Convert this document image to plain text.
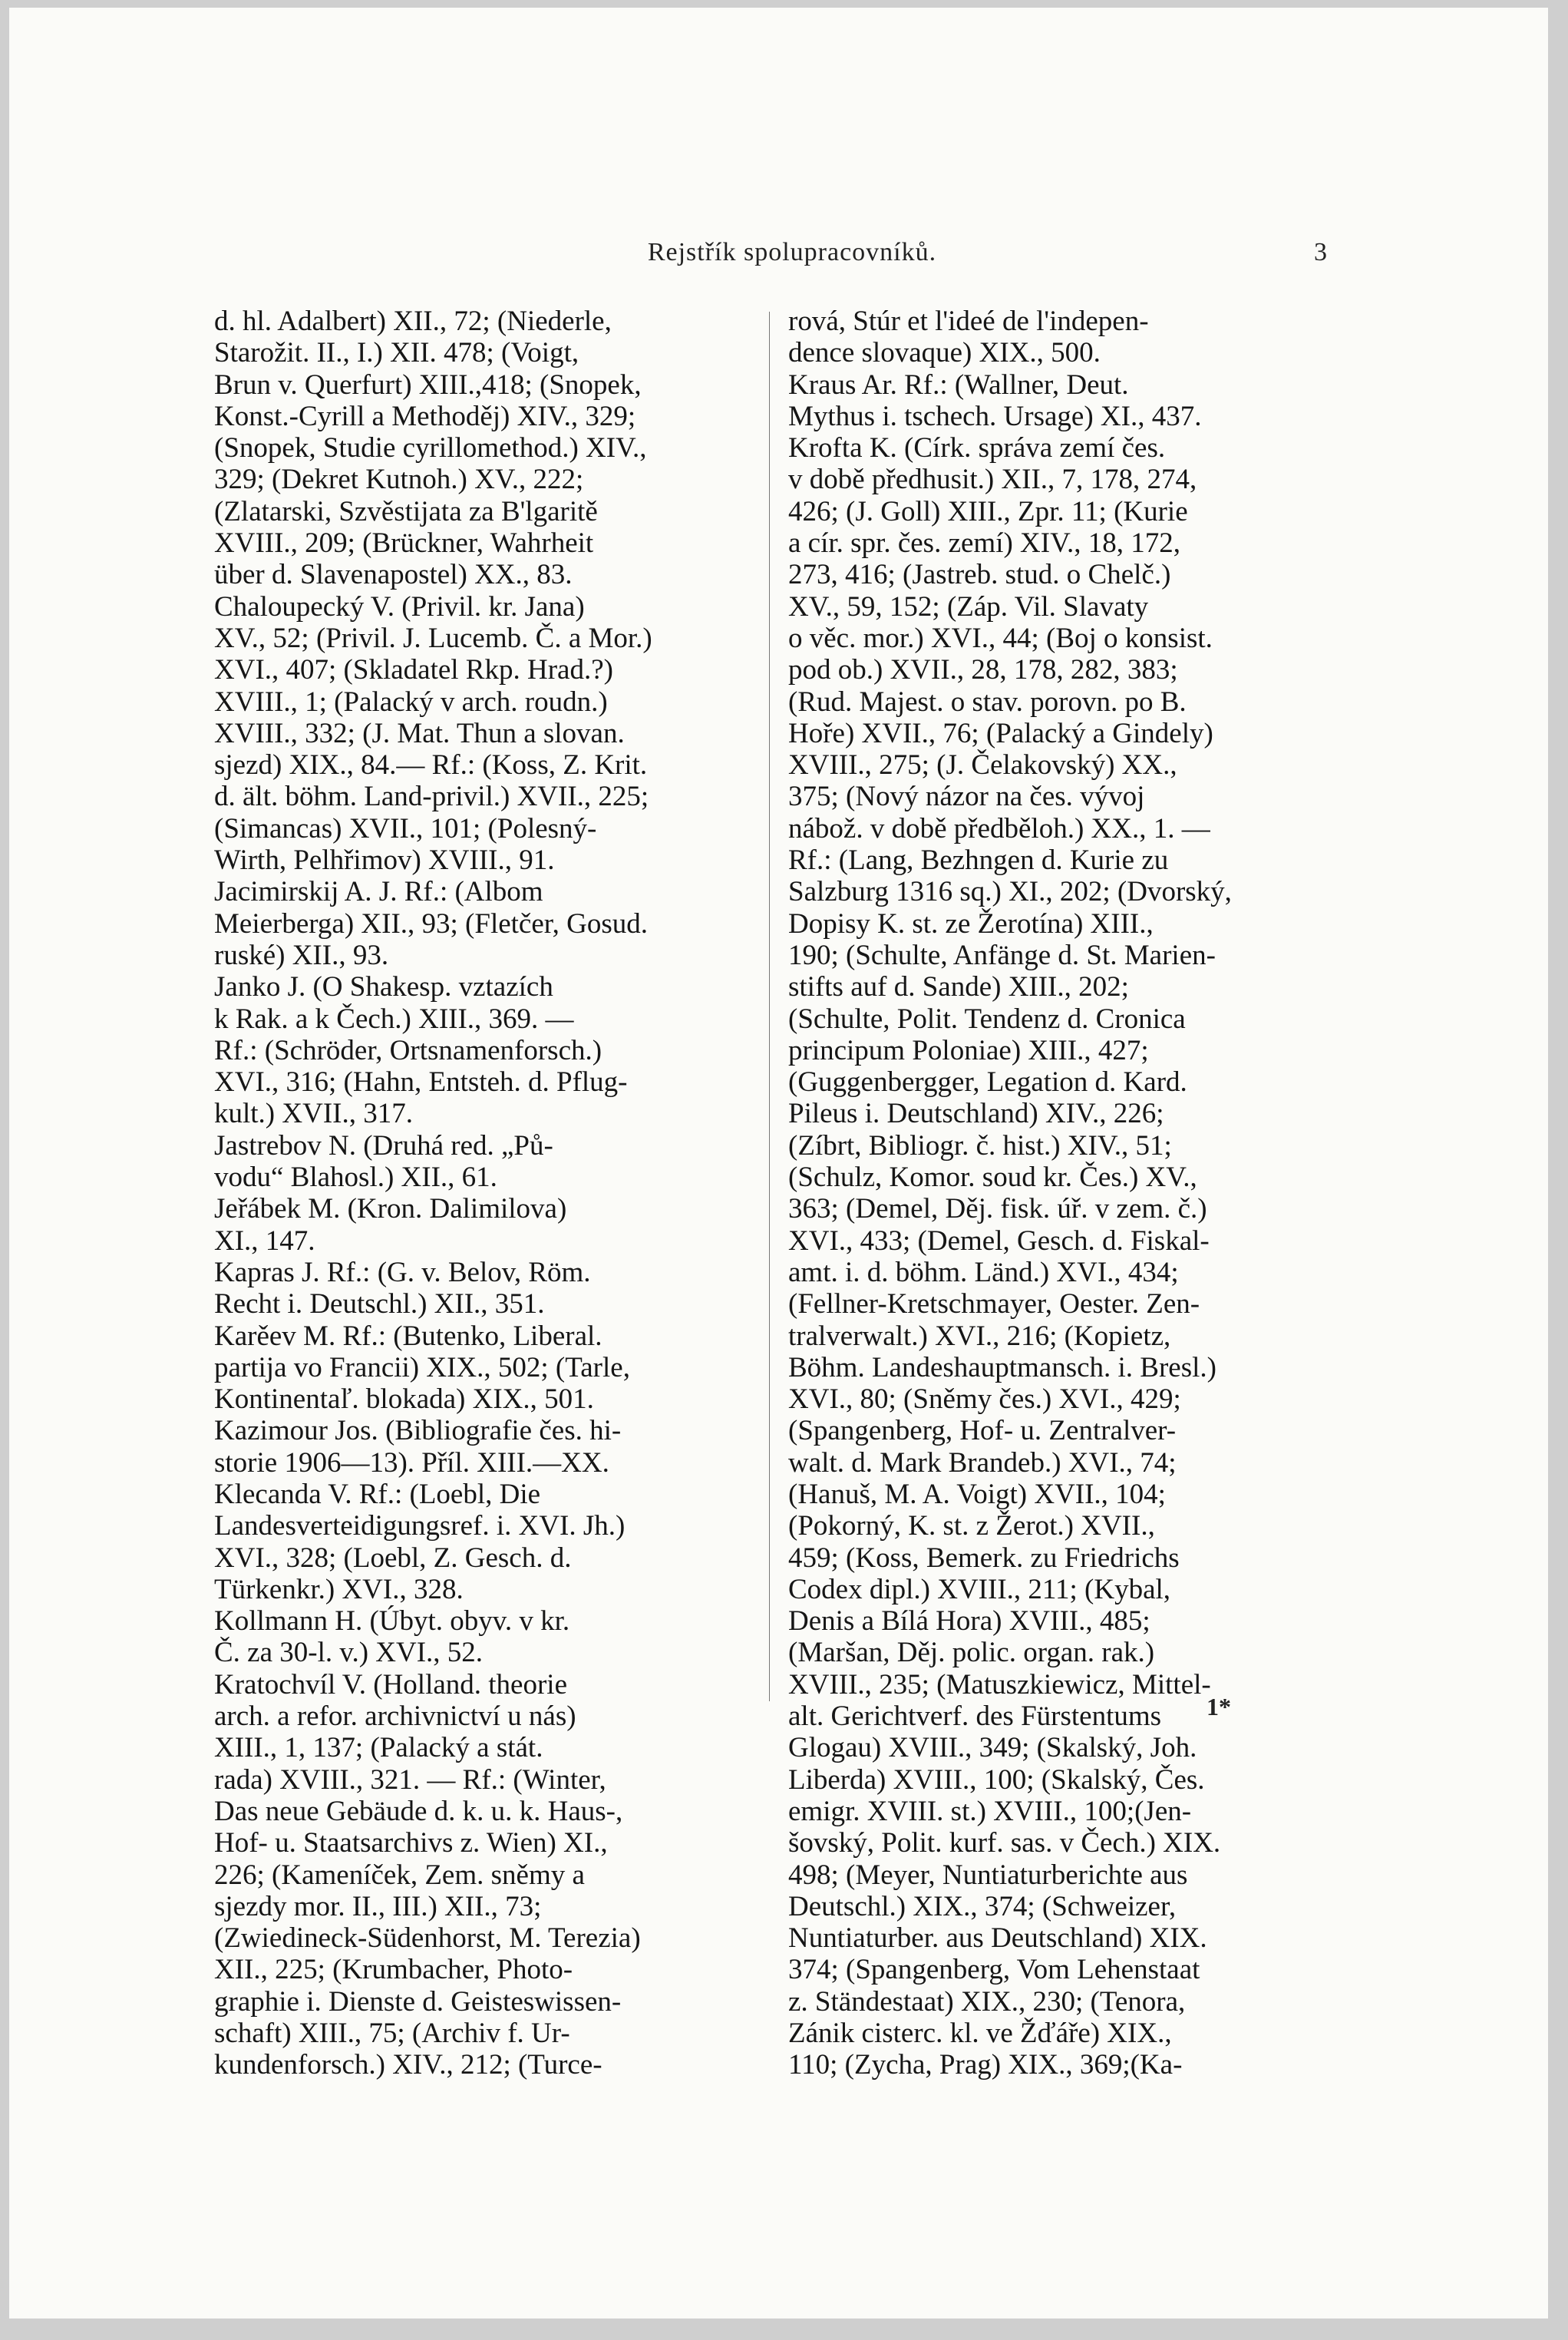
Rejstřík spolupracovníků.	3
d. hl. Adalbert) XII., 72; (Niederle,
Starožit. II., I.) XII. 478; (Voigt,
Brun v. Querfurt) XIII.,418; (Snopek,
Konst.-Cyrill a Methoděj) XIV., 329;
(Snopek, Studie cyrillomethod.) XIV.,
329; (Dekret Kutnoh.) XV., 222;
(Zlatarski, Szvěstijata za B'lgaritě
XVIII., 209; (Brückner, Wahrheit
über d. Slavenapostel) XX., 83.
Chaloupecký V. (Privil. kr. Jana)
XV., 52; (Privil. J. Lucemb. Č. a Mor.)
XVI., 407; (Skladatel Rkp. Hrad.?)
XVIII., 1; (Palacký v arch. roudn.)
XVIII., 332; (J. Mat. Thun a slovan.
sjezd) XIX., 84.— Rf.: (Koss, Z. Krit.
d. ält. böhm. Land-privil.) XVII., 225;
(Simancas) XVII., 101; (Polesný-
Wirth, Pelhřimov) XVIII., 91.
Jacimirskij A. J. Rf.: (Albom
Meierberga) XII., 93; (Fletčer, Gosud.
ruské) XII., 93.
Janko J. (O Shakesp. vztazích
k Rak. a k Čech.) XIII., 369. —
Rf.: (Schröder, Ortsnamenforsch.)
XVI., 316; (Hahn, Entsteh. d. Pflug-
kult.) XVII., 317.
Jastrebov N. (Druhá red. „Pů-
vodu“ Blahosl.) XII., 61.
Jeřábek M. (Kron. Dalimilova)
XI., 147.
Kapras J. Rf.: (G. v. Belov, Röm.
Recht i. Deutschl.) XII., 351.
Karěev M. Rf.: (Butenko, Liberal.
partija vo Francii) XIX., 502; (Tarle,
Kontinentaľ. blokada) XIX., 501.
Kazimour Jos. (Bibliografie čes. hi-
storie 1906—13). Příl. XIII.—XX.
Klecanda V. Rf.: (Loebl, Die
Landesverteidigungsref. i. XVI. Jh.)
XVI., 328; (Loebl, Z. Gesch. d.
Türkenkr.) XVI., 328.
Kollmann H. (Úbyt. obyv. v kr.
Č. za 30-l. v.) XVI., 52.
Kratochvíl V. (Holland. theorie
arch. a refor. archivnictví u nás)
XIII., 1, 137; (Palacký a stát.
rada) XVIII., 321. — Rf.: (Winter,
Das neue Gebäude d. k. u. k. Haus-,
Hof- u. Staatsarchivs z. Wien) XI.,
226; (Kameníček, Zem. sněmy a
sjezdy mor. II., III.) XII., 73;
(Zwiedineck-Südenhorst, M. Terezia)
XII., 225; (Krumbacher, Photo-
graphie i. Dienste d. Geisteswissen-
schaft) XIII., 75; (Archiv f. Ur-
kundenforsch.) XIV., 212; (Turce-
rová, Stúr et l'ideé de l'indepen-
dence slovaque) XIX., 500.
Kraus Ar. Rf.: (Wallner, Deut.
Mythus i. tschech. Ursage) XI., 437.
Krofta K. (Círk. správa zemí čes.
v době předhusit.) XII., 7, 178, 274,
426; (J. Goll) XIII., Zpr. 11; (Kurie
a cír. spr. čes. zemí) XIV., 18, 172,
273, 416; (Jastreb. stud. o Chelč.)
XV., 59, 152; (Záp. Vil. Slavaty
o věc. mor.) XVI., 44; (Boj o konsist.
pod ob.) XVII., 28, 178, 282, 383;
(Rud. Majest. o stav. porovn. po B.
Hoře) XVII., 76; (Palacký a Gindely)
XVIII., 275; (J. Čelakovský) XX.,
375; (Nový názor na čes. vývoj
nábož. v době předběloh.) XX., 1. —
Rf.: (Lang, Bezhngen d. Kurie zu
Salzburg 1316 sq.) XI., 202; (Dvorský,
Dopisy K. st. ze Žerotína) XIII.,
190; (Schulte, Anfänge d. St. Marien-
stifts auf d. Sande) XIII., 202;
(Schulte, Polit. Tendenz d. Cronica
principum Poloniae) XIII., 427;
(Guggenbergger, Legation d. Kard.
Pileus i. Deutschland) XIV., 226;
(Zíbrt, Bibliogr. č. hist.) XIV., 51;
(Schulz, Komor. soud kr. Čes.) XV.,
363; (Demel, Děj. fisk. úř. v zem. č.)
XVI., 433; (Demel, Gesch. d. Fiskal-
amt. i. d. böhm. Länd.) XVI., 434;
(Fellner-Kretschmayer, Oester. Zen-
tralverwalt.) XVI., 216; (Kopietz,
Böhm. Landeshauptmansch. i. Bresl.)
XVI., 80; (Sněmy čes.) XVI., 429;
(Spangenberg, Hof- u. Zentralver-
walt. d. Mark Brandeb.) XVI., 74;
(Hanuš, M. A. Voigt) XVII., 104;
(Pokorný, K. st. z Žerot.) XVII.,
459; (Koss, Bemerk. zu Friedrichs
Codex dipl.) XVIII., 211; (Kybal,
Denis a Bílá Hora) XVIII., 485;
(Maršan, Děj. polic. organ. rak.)
XVIII., 235; (Matuszkiewicz, Mittel-
alt. Gerichtverf. des Fürstentums
Glogau) XVIII., 349; (Skalský, Joh.
Liberda) XVIII., 100; (Skalský, Čes.
emigr. XVIII. st.) XVIII., 100;(Jen-
šovský, Polit. kurf. sas. v Čech.) XIX.
498; (Meyer, Nuntiaturberichte aus
Deutschl.) XIX., 374; (Schweizer,
Nuntiaturber. aus Deutschland) XIX.
374; (Spangenberg, Vom Lehenstaat
z. Ständestaat) XIX., 230; (Tenora,
Zánik cisterc. kl. ve Žďáře) XIX.,
110; (Zycha, Prag) XIX., 369;(Ka-
1*
